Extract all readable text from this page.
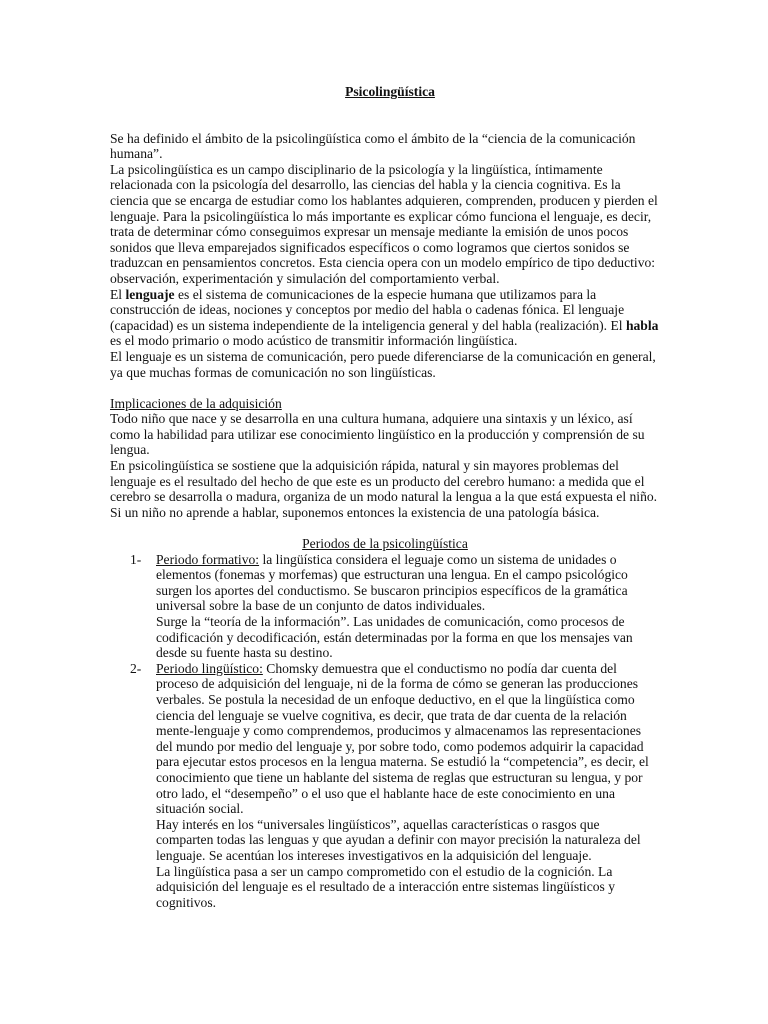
Psicolingüística

Se ha definido el ámbito de la psicolingüística como el ámbito de la “ciencia de la comunicación humana”.

La psicolingüística es un campo disciplinario de la psicología y la lingüística, íntimamente relacionada con la psicología del desarrollo, las ciencias del habla y la ciencia cognitiva. Es la ciencia que se encarga de estudiar como los hablantes adquieren, comprenden, producen y pierden el lenguaje. Para la psicolingüística lo más importante es explicar cómo funciona el lenguaje, es decir, trata de determinar cómo conseguimos expresar un mensaje mediante la emisión de unos pocos sonidos que lleva emparejados significados específicos o como logramos que ciertos sonidos se traduzcan en pensamientos concretos. Esta ciencia opera con un modelo empírico de tipo deductivo: observación, experimentación y simulación del comportamiento verbal.

El lenguaje es el sistema de comunicaciones de la especie humana que utilizamos para la construcción de ideas, nociones y conceptos por medio del habla o cadenas fónica. El lenguaje (capacidad) es un sistema independiente de la inteligencia general y del habla (realización). El habla es el modo primario o modo acústico de transmitir información lingüística.

El lenguaje es un sistema de comunicación, pero puede diferenciarse de la comunicación en general, ya que muchas formas de comunicación no son lingüísticas.

Implicaciones de la adquisición

Todo niño que nace y se desarrolla en una cultura humana, adquiere una sintaxis y un léxico, así como la habilidad para utilizar ese conocimiento lingüístico en la producción y comprensión de su lengua.

En psicolingüística se sostiene que la adquisición rápida, natural y sin mayores problemas del lenguaje es el resultado del hecho de que este es un producto del cerebro humano: a medida que el cerebro se desarrolla o madura, organiza de un modo natural la lengua a la que está expuesta el niño. Si un niño no aprende a hablar, suponemos entonces la existencia de una patología básica.

Periodos de la psicolingüística

1- Periodo formativo: la lingüística considera el leguaje como un sistema de unidades o elementos (fonemas y morfemas) que estructuran una lengua. En el campo psicológico surgen los aportes del conductismo. Se buscaron principios específicos de la gramática universal sobre la base de un conjunto de datos individuales.

Surge la “teoría de la información”. Las unidades de comunicación, como procesos de codificación y decodificación, están determinadas por la forma en que los mensajes van desde su fuente hasta su destino.

2- Periodo lingüístico: Chomsky demuestra que el conductismo no podía dar cuenta del proceso de adquisición del lenguaje, ni de la forma de cómo se generan las producciones verbales. Se postula la necesidad de un enfoque deductivo, en el que la lingüística como ciencia del lenguaje se vuelve cognitiva, es decir, que trata de dar cuenta de la relación mente-lenguaje y como comprendemos, producimos y almacenamos las representaciones del mundo por medio del lenguaje y, por sobre todo, como podemos adquirir la capacidad para ejecutar estos procesos en la lengua materna. Se estudió la “competencia”, es decir, el conocimiento que tiene un hablante del sistema de reglas que estructuran su lengua, y por otro lado, el “desempeño” o el uso que el hablante hace de este conocimiento en una situación social.

Hay interés en los “universales lingüísticos”, aquellas características o rasgos que comparten todas las lenguas y que ayudan a definir con mayor precisión la naturaleza del lenguaje. Se acentúan los intereses investigativos en la adquisición del lenguaje.

La lingüística pasa a ser un campo comprometido con el estudio de la cognición. La adquisición del lenguaje es el resultado de a interacción entre sistemas lingüísticos y cognitivos.
